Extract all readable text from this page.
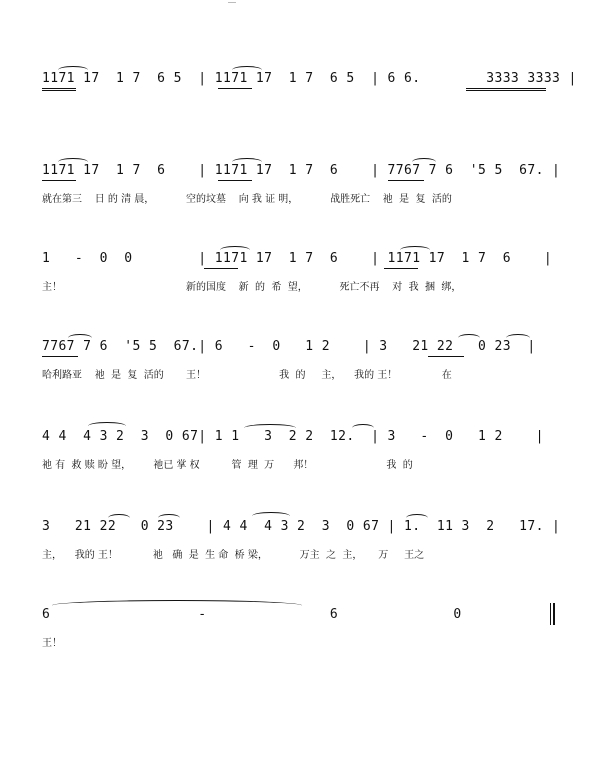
1171 17  1 7  6 5  | 1171 17  1 7  6 5  | 6 6.        3333 3333 |
1171 17  1 7  6    | 1171 17  1 7  6    | 7767 7 6  '5 5  67. |
就在第三    日 的 清 晨，          空的坟墓    向 我 证 明，          战胜死亡    祂  是  复  活的
1   -  0  0        | 1171 17  1 7  6    | 1171 17  1 7  6    |
主！                                       新的国度    新  的  希  望，          死亡不再    对  我  捆  绑，
7767 7 6  '5 5  67.| 6   -  0   1 2    | 3   21 22   0 23  |
哈利路亚    祂  是  复  活的       王！                       我  的     主，    我的 王！              在
4 4  4 3 2  3  0 67| 1 1   3  2 2  12.  | 3   -  0   1 2    |
祂 有  救 赎 盼 望，       祂已 掌 权          管  理  万      邦！                       我  的
3   21 22   0 23    | 4 4  4 3 2  3  0 67 | 1.  11 3  2   17. |
主，    我的 王！           祂   确  是  生 命  桥 梁，          万主  之  主，     万     王之
6                  -               6              0
王！
